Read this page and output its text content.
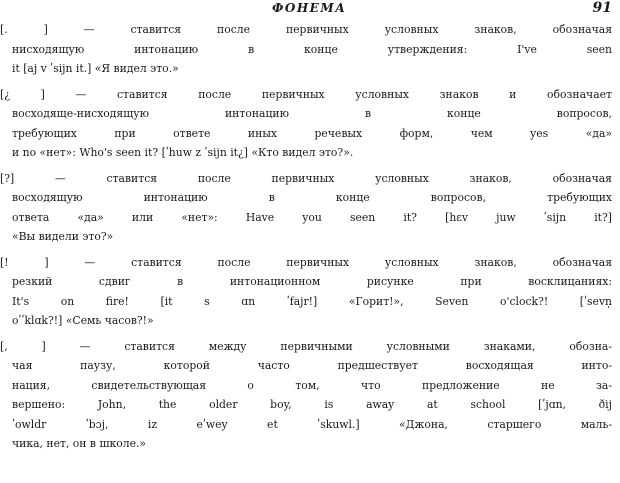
ФОНЕМА	91
[. ] — ставится после первичных условных знаков, обозначая
нисходящую интонацию в конце утверждения: I've seen
it [aj v ʹsijn it.] «Я видел это.»
[¿ ] — ставится после первичных условных знаков и обозначает
восходяще-нисходящую интонацию в конце вопросов,
требующих при ответе иных речевых форм, чем yes «да»
и no «нет»: Who's seen it? [ʹhuw z ʹsijn it¿] «Кто видел это?».
[?] — ставится после первичных условных знаков, обозначая
восходящую интонацию в конце вопросов, требующих
ответа «да» или «нет»: Have you seen it? [hɛv juw ʹsijn it?]
«Вы видели это?»
[! ] — ставится после первичных условных знаков, обозначая
резкий сдвиг в интонационном рисунке при восклицаниях:
It's on fire! [it s ɑn ʹfajr!] «Горит!», Seven o'clock?! [ʹsevn̩
oʹʹklɑk?!] «Семь часов?!»
[, ] — ставится между первичными условными знаками, обозна-
чая паузу, которой часто предшествует восходящая инто-
нация, свидетельствующая о том, что предложение не за-
вершено: John, the older boy, is away at school [ʹjɑn, ðij
ʹowldr ʹbɔj, iz eʹwey et ʹskuwl.] «Джона, старшего маль-
чика, нет, он в школе.»
